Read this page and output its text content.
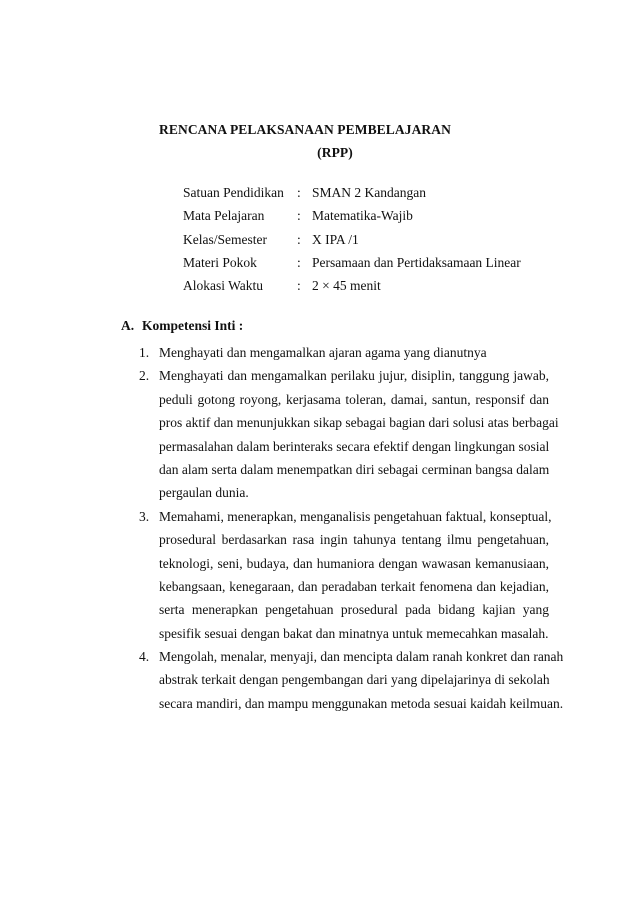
RENCANA PELAKSANAAN PEMBELAJARAN
(RPP)
Satuan Pendidikan : SMAN 2 Kandangan
Mata Pelajaran : Matematika-Wajib
Kelas/Semester : X IPA /1
Materi Pokok	: Persamaan dan Pertidaksamaan Linear
Alokasi Waktu	: 2 × 45 menit
A. Kompetensi Inti :
1. Menghayati dan mengamalkan ajaran agama yang dianutnya
2. Menghayati dan mengamalkan perilaku jujur, disiplin, tanggung jawab,
peduli gotong royong, kerjasama toleran, damai, santun, responsif dan
pros aktif dan menunjukkan sikap sebagai bagian dari solusi atas berbagai
permasalahan dalam berinteraks secara efektif dengan lingkungan sosial
dan alam serta dalam menempatkan diri sebagai cerminan bangsa dalam
pergaulan dunia.
3. Memahami, menerapkan, menganalisis pengetahuan faktual, konseptual,
prosedural berdasarkan rasa ingin tahunya tentang ilmu pengetahuan,
teknologi, seni, budaya, dan humaniora dengan wawasan kemanusiaan,
kebangsaan, kenegaraan, dan peradaban terkait fenomena dan kejadian,
serta menerapkan pengetahuan prosedural pada bidang kajian yang
spesifik sesuai dengan bakat dan minatnya untuk memecahkan masalah.
4. Mengolah, menalar, menyaji, dan mencipta dalam ranah konkret dan ranah
abstrak terkait dengan pengembangan dari yang dipelajarinya di sekolah
secara mandiri, dan mampu menggunakan metoda sesuai kaidah keilmuan.
